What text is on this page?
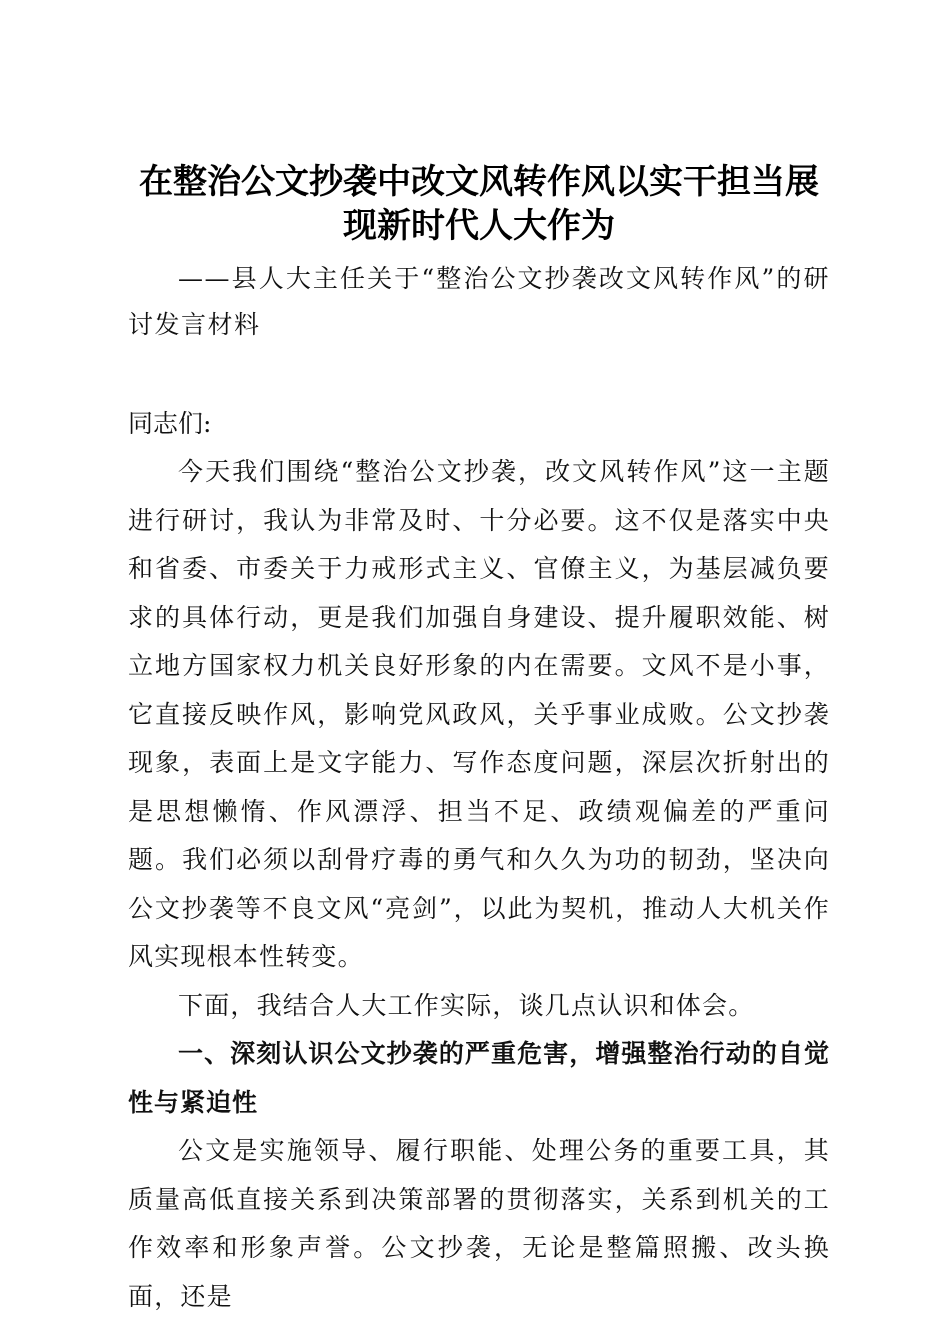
在整治公文抄袭中改文风转作风以实干担当展现新时代人大作为

——县人大主任关于“整治公文抄袭改文风转作风”的研讨发言材料

同志们:

今天我们围绕“整治公文抄袭，改文风转作风”这一主题进行研讨，我认为非常及时、十分必要。这不仅是落实中央和省委、市委关于力戒形式主义、官僚主义，为基层减负要求的具体行动，更是我们加强自身建设、提升履职效能、树立地方国家权力机关良好形象的内在需要。文风不是小事，它直接反映作风，影响党风政风，关乎事业成败。公文抄袭现象，表面上是文字能力、写作态度问题，深层次折射出的是思想懒惰、作风漂浮、担当不足、政绩观偏差的严重问题。我们必须以刮骨疗毒的勇气和久久为功的韧劲，坚决向公文抄袭等不良文风“亮剑”，以此为契机，推动人大机关作风实现根本性转变。

下面，我结合人大工作实际，谈几点认识和体会。

一、深刻认识公文抄袭的严重危害，增强整治行动的自觉性与紧迫性

公文是实施领导、履行职能、处理公务的重要工具，其质量高低直接关系到决策部署的贯彻落实，关系到机关的工作效率和形象声誉。公文抄袭，无论是整篇照搬、改头换面，还是
